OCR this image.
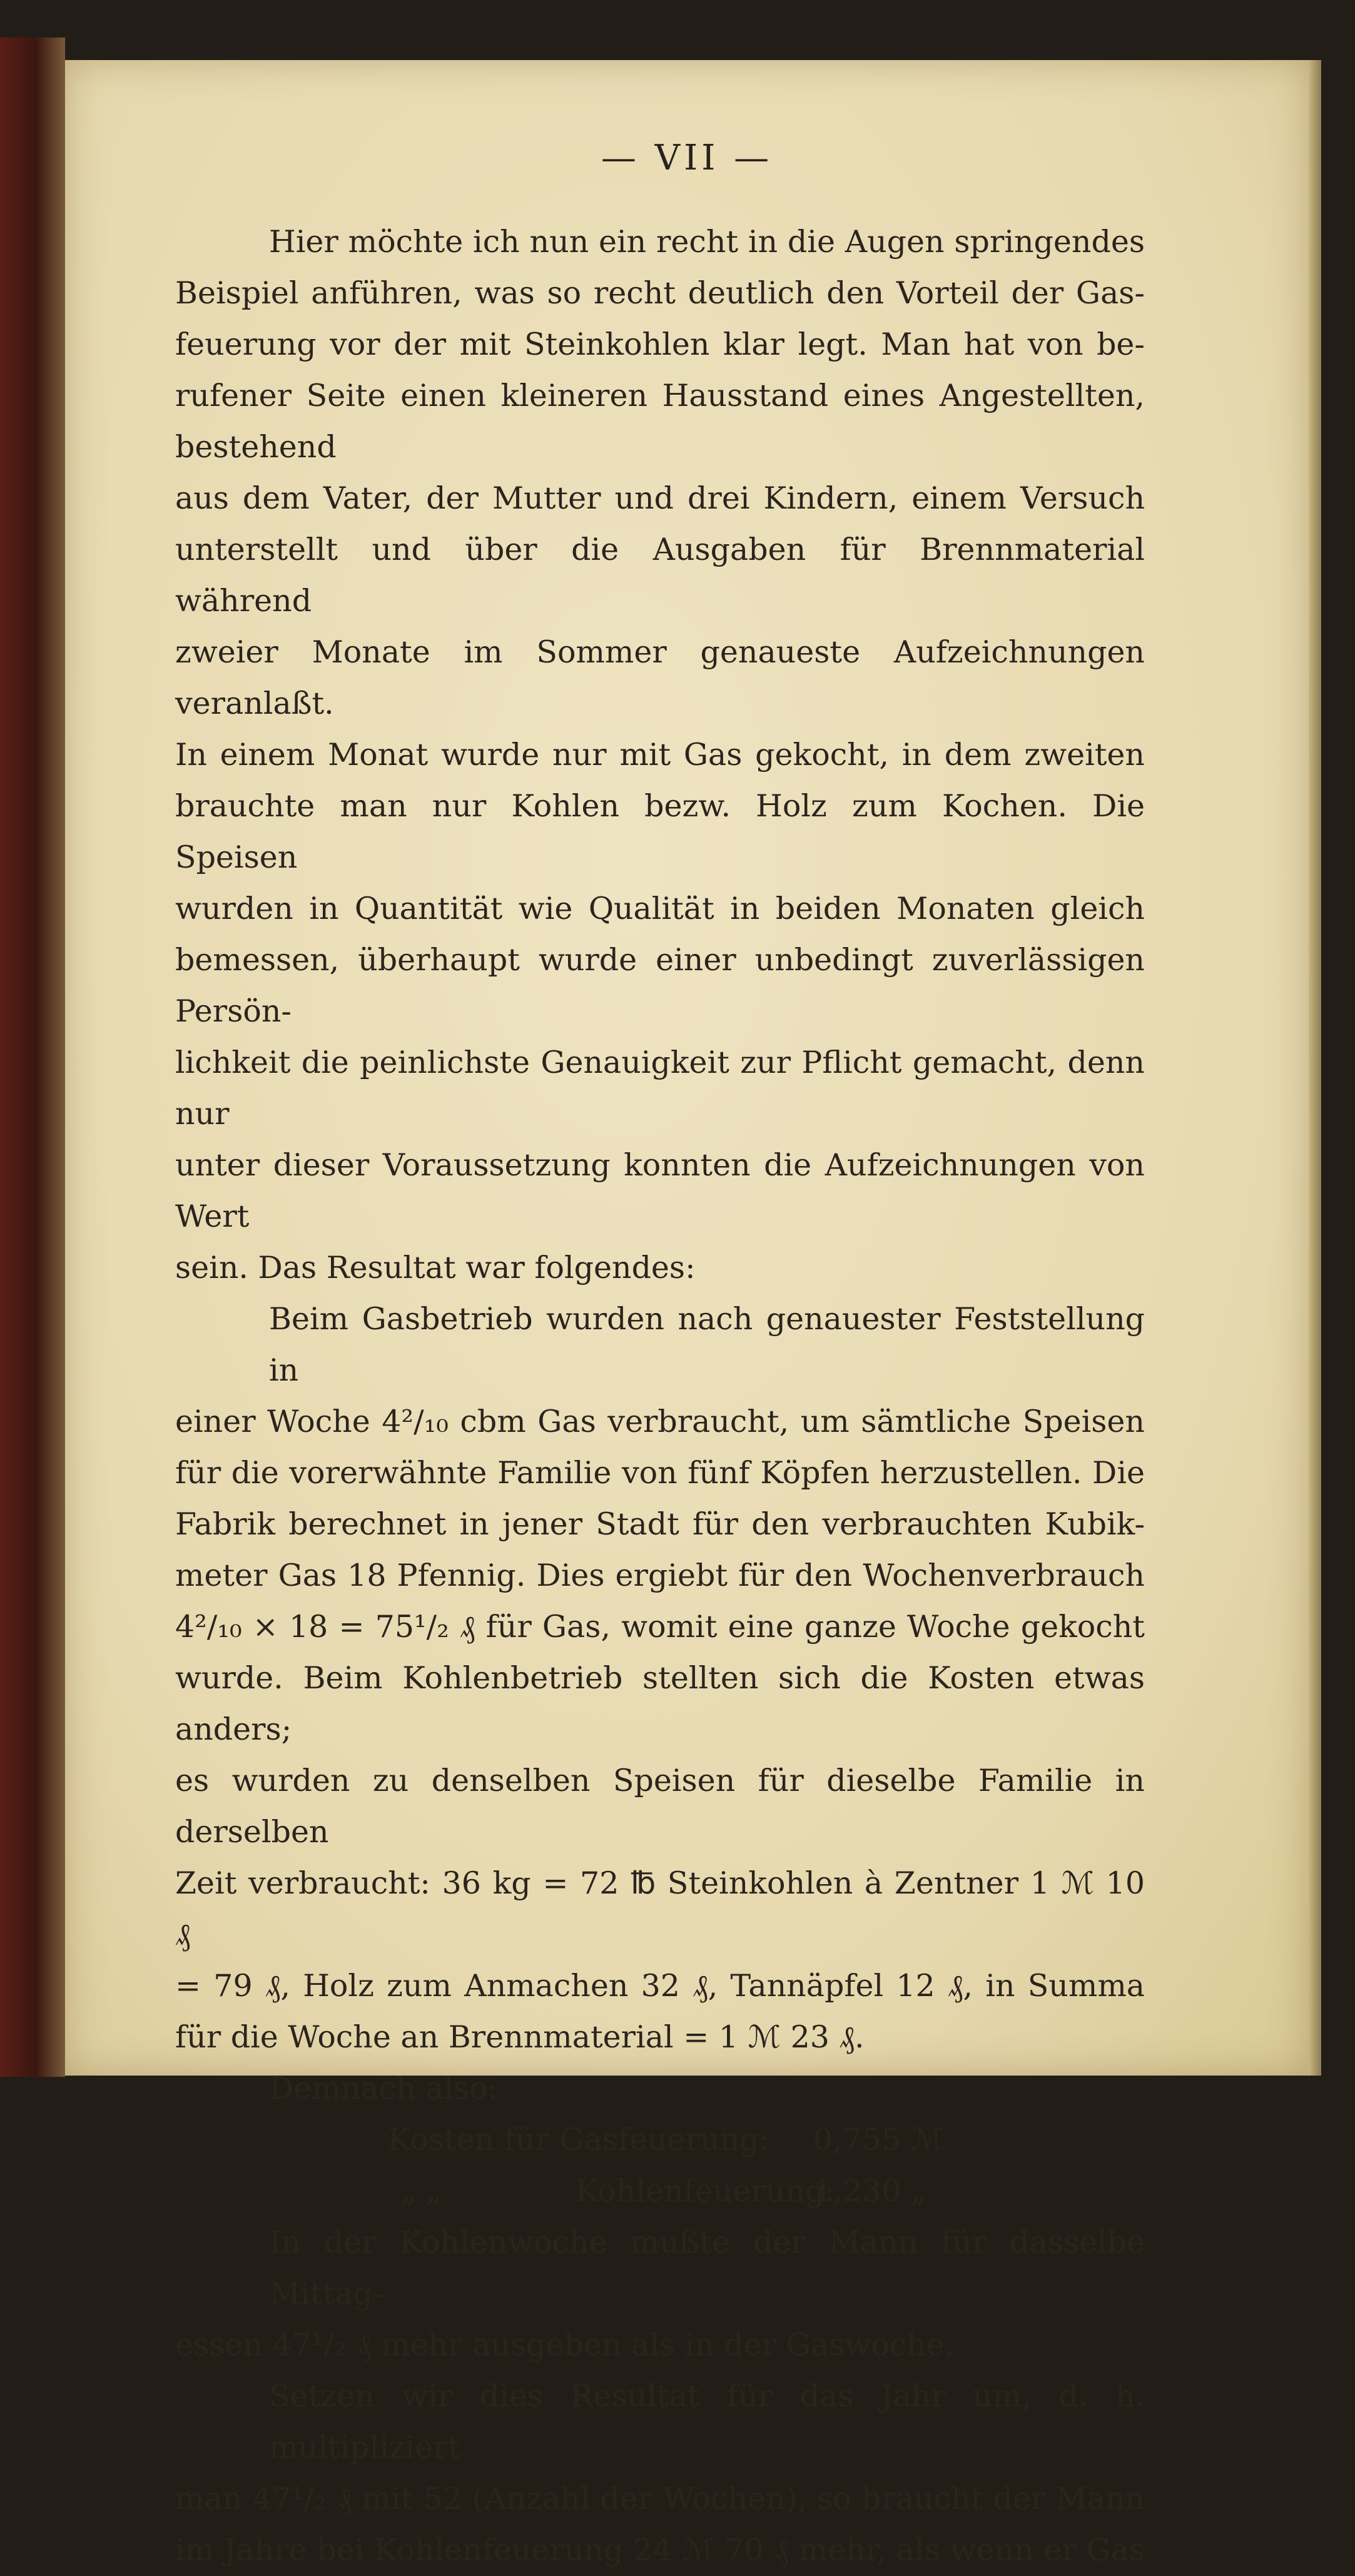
— VII —
Hier möchte ich nun ein recht in die Augen springendes
Beispiel anführen, was so recht deutlich den Vorteil der Gas-
feuerung vor der mit Steinkohlen klar legt. Man hat von be-
rufener Seite einen kleineren Hausstand eines Angestellten, bestehend
aus dem Vater, der Mutter und drei Kindern, einem Versuch
unterstellt und über die Ausgaben für Brennmaterial während
zweier Monate im Sommer genaueste Aufzeichnungen veranlaßt.
In einem Monat wurde nur mit Gas gekocht, in dem zweiten
brauchte man nur Kohlen bezw. Holz zum Kochen. Die Speisen
wurden in Quantität wie Qualität in beiden Monaten gleich
bemessen, überhaupt wurde einer unbedingt zuverlässigen Persön-
lichkeit die peinlichste Genauigkeit zur Pflicht gemacht, denn nur
unter dieser Voraussetzung konnten die Aufzeichnungen von Wert
sein. Das Resultat war folgendes:
Beim Gasbetrieb wurden nach genauester Feststellung in
einer Woche 4²/₁₀ cbm Gas verbraucht, um sämtliche Speisen
für die vorerwähnte Familie von fünf Köpfen herzustellen. Die
Fabrik berechnet in jener Stadt für den verbrauchten Kubik-
meter Gas 18 Pfennig. Dies ergiebt für den Wochenverbrauch
4²/₁₀ × 18 = 75¹/₂ ₰ für Gas, womit eine ganze Woche gekocht
wurde. Beim Kohlenbetrieb stellten sich die Kosten etwas anders;
es wurden zu denselben Speisen für dieselbe Familie in derselben
Zeit verbraucht: 36 kg = 72 ℔ Steinkohlen à Zentner 1 ℳ 10 ₰
= 79 ₰, Holz zum Anmachen 32 ₰, Tannäpfel 12 ₰, in Summa
für die Woche an Brennmaterial = 1 ℳ 23 ₰.
Demnach also:
Kosten für Gasfeuerung:	0,755 ℳ
„ „	Kohlenfeuerung:
1,230 „
In der Kohlenwoche mußte der Mann für dasselbe Mittag-
essen 47¹/₂ ₰ mehr ausgeben als in der Gaswoche.
Setzen wir dies Resultat für das Jahr um, d. h. multipliziert
man 47¹/₂ ₰ mit 52 (Anzahl der Wochen), so braucht der Mann
im Jahre bei Kohlenfeuerung 24 ℳ 70 ₰ mehr, als wenn er Gas
